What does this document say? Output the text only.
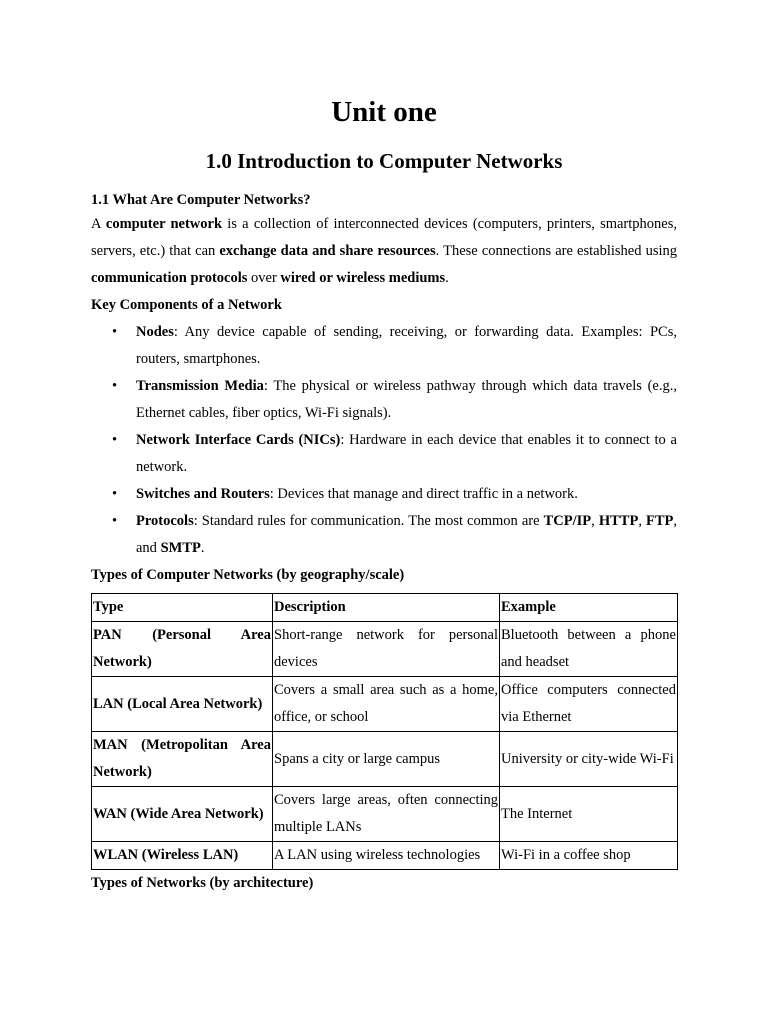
Unit one
1.0 Introduction to Computer Networks

1.1 What Are Computer Networks?

A computer network is a collection of interconnected devices (computers, printers, smartphones, servers, etc.) that can exchange data and share resources. These connections are established using communication protocols over wired or wireless mediums.

Key Components of a Network

• Nodes: Any device capable of sending, receiving, or forwarding data. Examples: PCs, routers, smartphones.
• Transmission Media: The physical or wireless pathway through which data travels (e.g., Ethernet cables, fiber optics, Wi-Fi signals).
• Network Interface Cards (NICs): Hardware in each device that enables it to connect to a network.
• Switches and Routers: Devices that manage and direct traffic in a network.
• Protocols: Standard rules for communication. The most common are TCP/IP, HTTP, FTP, and SMTP.

Types of Computer Networks (by geography/scale)

Type	Description	Example
PAN (Personal Area Network)	Short-range network for personal devices	Bluetooth between a phone and headset
LAN (Local Area Network)	Covers a small area such as a home, office, or school	Office computers connected via Ethernet
MAN (Metropolitan Area Network)	Spans a city or large campus	University or city-wide Wi-Fi
WAN (Wide Area Network)	Covers large areas, often connecting multiple LANs	The Internet
WLAN (Wireless LAN)	A LAN using wireless technologies	Wi-Fi in a coffee shop

Types of Networks (by architecture)
